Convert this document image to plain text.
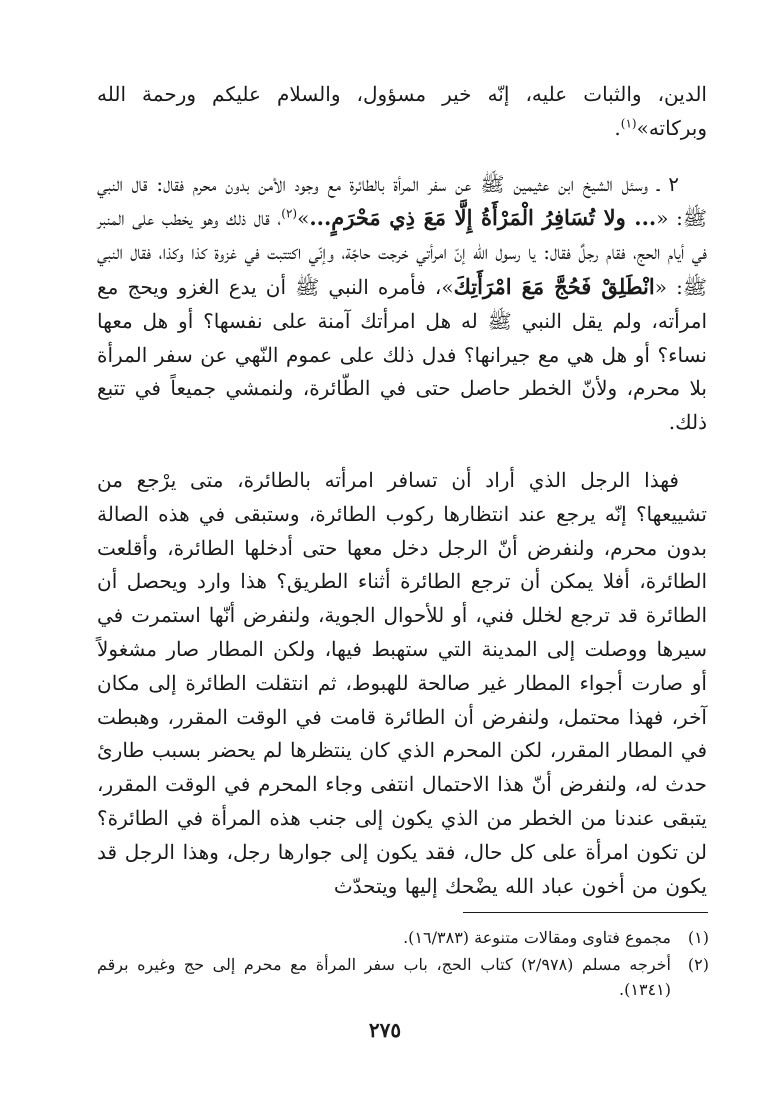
الدين، والثبات عليه، إنّه خير مسؤول، والسلام عليكم ورحمة الله وبركاته»$^{(١)}$.

٢ ـ وسئل الشيخ ابن عثيمين ﷺ عن سفر المرأة بالطائرة مع وجود الأمن بدون محرم فقال: قال النبي ﷺ: «... ولا تُسَافِرُ الْمَرْأَةُ إِلَّا مَعَ ذِي مَحْرَمٍ...»$^{(٢)}$، قال ذلك وهو يخطب على المنبر في أيام الحج، فقام رجلٌ فقال: يا رسول الله إنّ امرأتي خرجت حاجّة، وإنّي اكتتبت في غزوة كذا وكذا، فقال النبي ﷺ: «انْطَلِقْ فَحُجَّ مَعَ امْرَأَتِكَ»، فأمره النبي ﷺ أن يدع الغزو ويحج مع امرأته، ولم يقل النبي ﷺ له هل امرأتك آمنة على نفسها؟ أو هل معها نساء؟ أو هل هي مع جيرانها؟ فدل ذلك على عموم النّهي عن سفر المرأة بلا محرم، ولأنّ الخطر حاصل حتى في الطّائرة، ولنمشي جميعاً في تتبع ذلك.

فهذا الرجل الذي أراد أن تسافر امرأته بالطائرة، متى يرْجع من تشييعها؟ إنّه يرجع عند انتظارها ركوب الطائرة، وستبقى في هذه الصالة بدون محرم، ولنفرض أنّ الرجل دخل معها حتى أدخلها الطائرة، وأقلعت الطائرة، أفلا يمكن أن ترجع الطائرة أثناء الطريق؟ هذا وارد ويحصل أن الطائرة قد ترجع لخلل فني، أو للأحوال الجوية، ولنفرض أنّها استمرت في سيرها ووصلت إلى المدينة التي ستهبط فيها، ولكن المطار صار مشغولاً أو صارت أجواء المطار غير صالحة للهبوط، ثم انتقلت الطائرة إلى مكان آخر، فهذا محتمل، ولنفرض أن الطائرة قامت في الوقت المقرر، وهبطت في المطار المقرر، لكن المحرم الذي كان ينتظرها لم يحضر بسبب طارئ حدث له، ولنفرض أنّ هذا الاحتمال انتفى وجاء المحرم في الوقت المقرر، يتبقى عندنا من الخطر من الذي يكون إلى جنب هذه المرأة في الطائرة؟ لن تكون امرأة على كل حال، فقد يكون إلى جوارها رجل، وهذا الرجل قد يكون من أخون عباد الله يضْحك إليها ويتحدّث

(١)
مجموع فتاوى ومقالات متنوعة (١٦/٣٨٣).
(٢)
أخرجه مسلم (٢/٩٧٨) كتاب الحج، باب سفر المرأة مع محرم إلى حج وغيره برقم (١٣٤١).
٢٧٥
